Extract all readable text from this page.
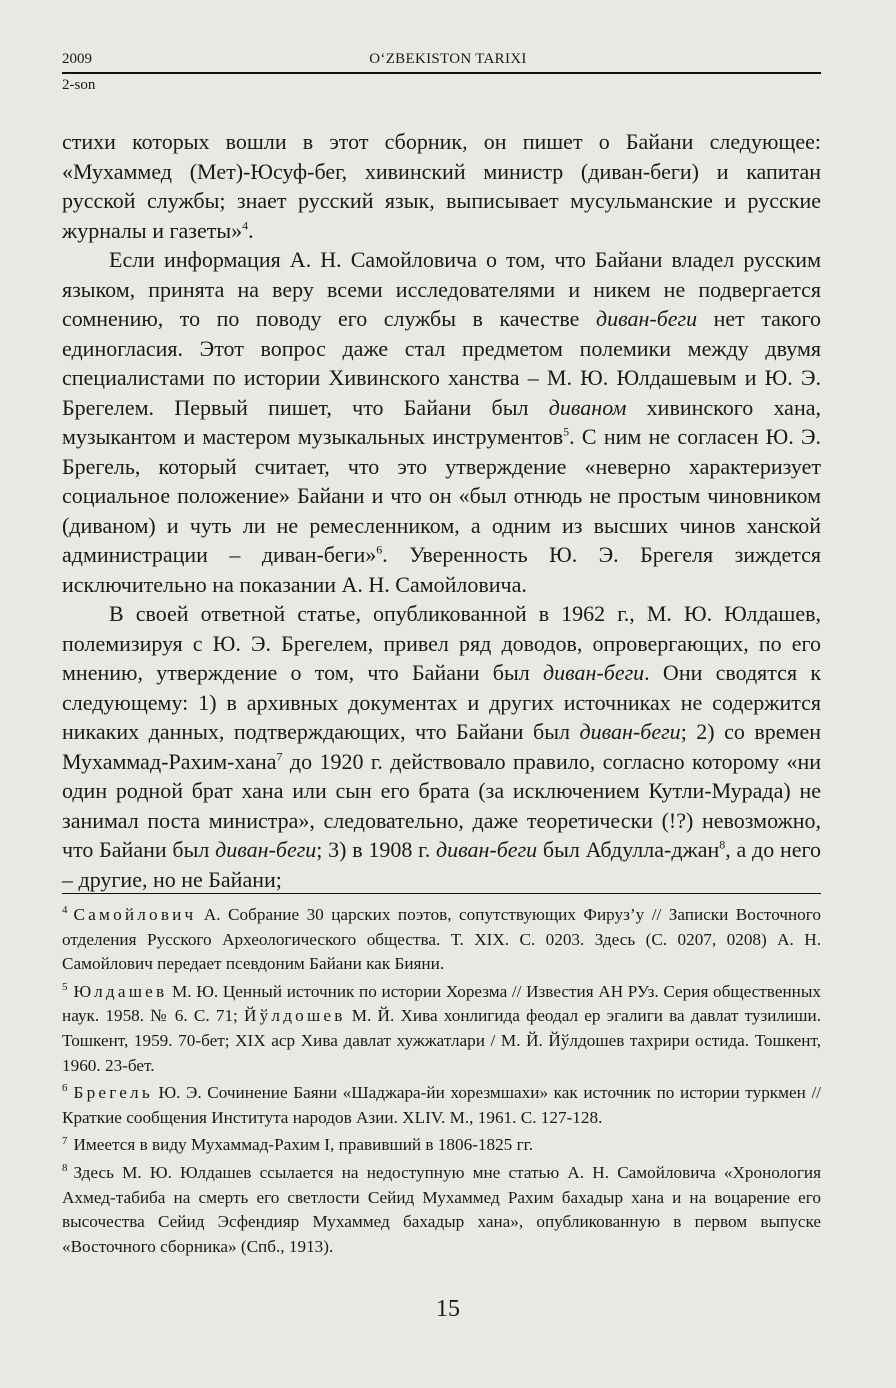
2009	O‘ZBEKISTON TARIXI
2-son

стихи которых вошли в этот сборник, он пишет о Байани следующее: «Мухаммед (Мет)-Юсуф-бег, хивинский министр (диван-беги) и капитан русской службы; знает русский язык, выписывает мусульманские и русские журналы и газеты»$^4$.

Если информация А. Н. Самойловича о том, что Байани владел русским языком, принята на веру всеми исследователями и никем не подвергается сомнению, то по поводу его службы в качестве диван-беги нет такого единогласия. Этот вопрос даже стал предметом полемики между двумя специалистами по истории Хивинского ханства – М. Ю. Юлдашевым и Ю. Э. Брегелем. Первый пишет, что Байани был диваном хивинского хана, музыкантом и мастером музыкальных инструментов$^5$. С ним не согласен Ю. Э. Брегель, который считает, что это утверждение «неверно характеризует социальное положение» Байани и что он «был отнюдь не простым чиновником (диваном) и чуть ли не ремесленником, а одним из высших чинов ханской администрации – диван-беги»$^6$. Уверенность Ю. Э. Брегеля зиждется исключительно на показании А. Н. Самойловича.

В своей ответной статье, опубликованной в 1962 г., М. Ю. Юлдашев, полемизируя с Ю. Э. Брегелем, привел ряд доводов, опровергающих, по его мнению, утверждение о том, что Байани был диван-беги. Они сводятся к следующему: 1) в архивных документах и других источниках не содержится никаких данных, подтверждающих, что Байани был диван-беги; 2) со времен Мухаммад-Рахим-хана$^7$ до 1920 г. действовало правило, согласно которому «ни один родной брат хана или сын его брата (за исключением Кутли-Мурада) не занимал поста министра», следовательно, даже теоретически (!?) невозможно, что Байани был диван-беги; 3) в 1908 г. диван-беги был Абдулла-джан$^8$, а до него – другие, но не Байани;

$^4$ Самойлович А. Собрание 30 царских поэтов, сопутствующих Фируз’у // Записки Восточного отделения Русского Археологического общества. Т. XIX. С. 0203. Здесь (С. 0207, 0208) А. Н. Самойлович передает псевдоним Байани как Бияни.

$^5$ Юлдашев М. Ю. Ценный источник по истории Хорезма // Известия АН РУз. Серия общественных наук. 1958. № 6. С. 71; Йўлдошев М. Й. Хива хонлигида феодал ер эгалиги ва давлат тузилиши. Тошкент, 1959. 70-бет; XIX аср Хива давлат хужжатлари / М. Й. Йўлдошев тахрири остида. Тошкент, 1960. 23-бет.

$^6$ Брегель Ю. Э. Сочинение Баяни «Шаджара-йи хорезмшахи» как источник по истории туркмен // Краткие сообщения Института народов Азии. XLIV. М., 1961. С. 127-128.

$^7$ Имеется в виду Мухаммад-Рахим I, правивший в 1806-1825 гг.

$^8$ Здесь М. Ю. Юлдашев ссылается на недоступную мне статью А. Н. Самойловича «Хронология Ахмед-табиба на смерть его светлости Сейид Мухаммед Рахим бахадыр хана и на воцарение его высочества Сейид Эсфендияр Мухаммед бахадыр хана», опубликованную в первом выпуске «Восточного сборника» (Спб., 1913).

15
